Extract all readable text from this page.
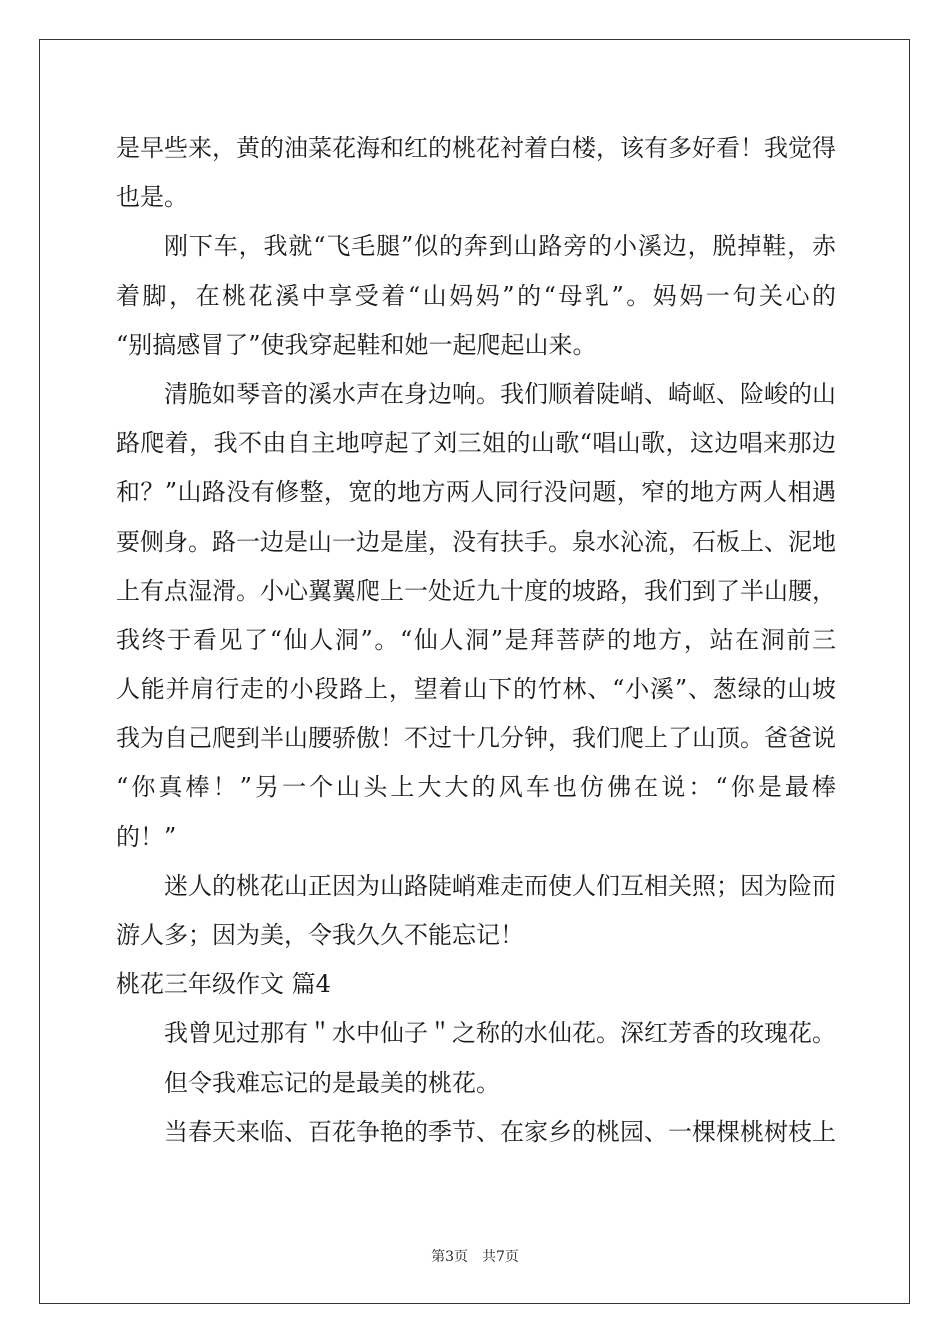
是早些来，黄的油菜花海和红的桃花衬着白楼，该有多好看！我觉得
也是。
刚下车，我就“飞毛腿”似的奔到山路旁的小溪边，脱掉鞋，赤
着脚，在桃花溪中享受着“山妈妈”的“母乳”。妈妈一句关心的
“别搞感冒了”使我穿起鞋和她一起爬起山来。
清脆如琴音的溪水声在身边响。我们顺着陡峭、崎岖、险峻的山
路爬着，我不由自主地哼起了刘三姐的山歌“唱山歌，这边唱来那边
和？”山路没有修整，宽的地方两人同行没问题，窄的地方两人相遇
要侧身。路一边是山一边是崖，没有扶手。泉水沁流，石板上、泥地
上有点湿滑。小心翼翼爬上一处近九十度的坡路，我们到了半山腰，
我终于看见了“仙人洞”。“仙人洞”是拜菩萨的地方，站在洞前三
人能并肩行走的小段路上，望着山下的竹林、“小溪”、葱绿的山坡
我为自己爬到半山腰骄傲！不过十几分钟，我们爬上了山顶。爸爸说
“你真棒！”另一个山头上大大的风车也仿佛在说：“你是最棒
的！”
迷人的桃花山正因为山路陡峭难走而使人们互相关照；因为险而
游人多；因为美，令我久久不能忘记！
桃花三年级作文 篇4
我曾见过那有＂水中仙子＂之称的水仙花。深红芳香的玫瑰花。
但令我难忘记的是最美的桃花。
当春天来临、百花争艳的季节、在家乡的桃园、一棵棵桃树枝上
第3页　共7页
